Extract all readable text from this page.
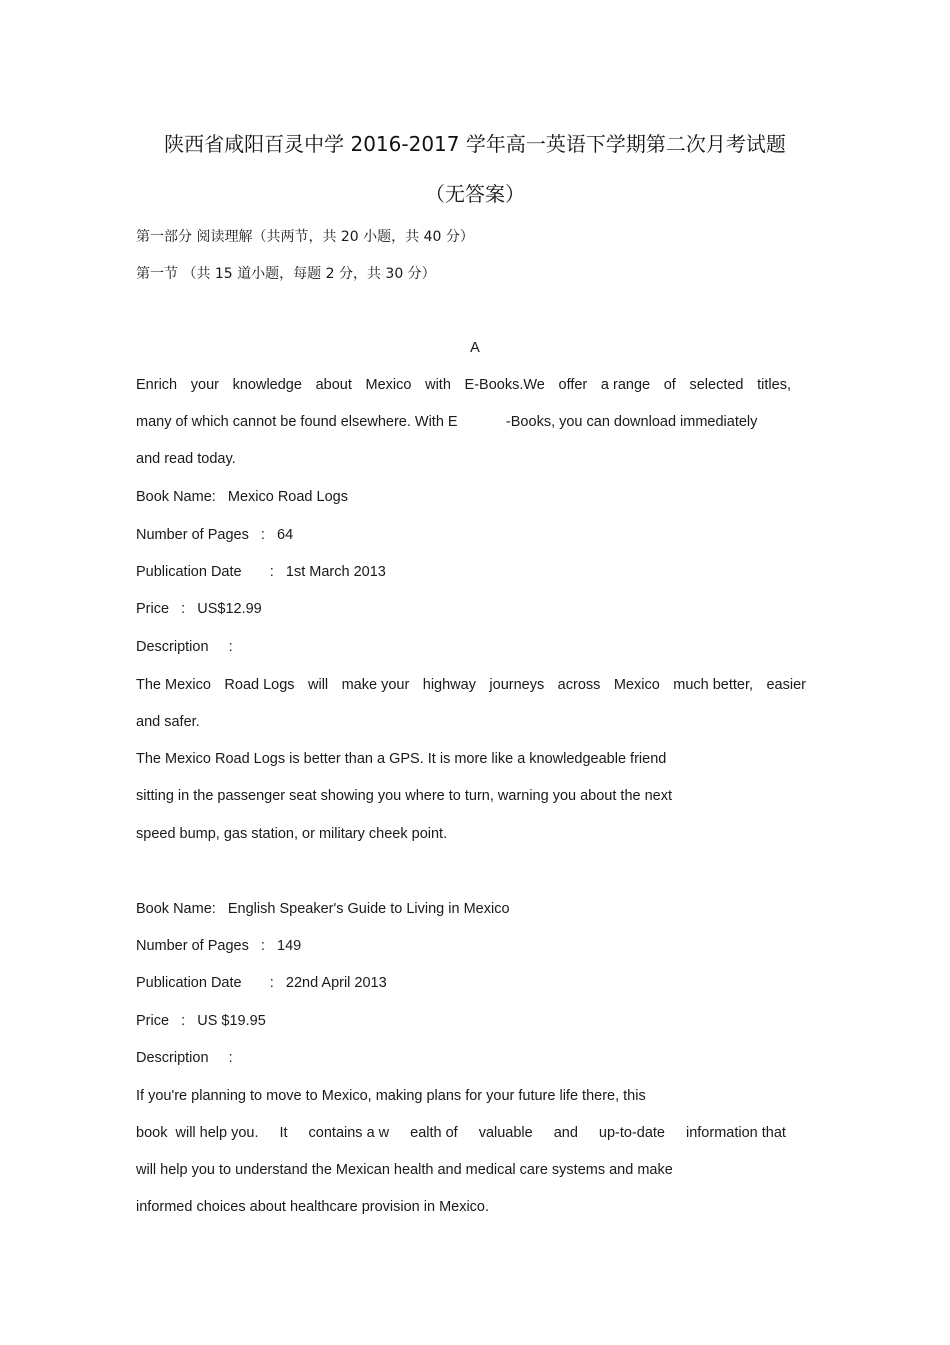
陕西省咸阳百灵中学 2016-2017 学年高一英语下学期第二次月考试题
（无答案）
第一部分 阅读理解（共两节，共 20 小题，共 40 分）
第一节 （共 15 道小题，每题 2 分，共 30 分）
A
Enrich your knowledge about Mexico with E-Books.We offer a range of selected titles,
many of which cannot be found elsewhere. With E            -Books, you can download immediately
and read today.
Book Name:   Mexico Road Logs
Number of Pages   :   64
Publication Date       :   1st March 2013
Price   :   US$12.99
Description     :
The Mexico Road Logs will make your highway journeys across Mexico much better, easier
and safer.
The Mexico Road Logs is better than a GPS. It is more like a knowledgeable friend
sitting in the passenger seat showing you where to turn, warning you about the next
speed bump, gas station, or military cheek point.
Book Name:   English Speaker's Guide to Living in Mexico
Number of Pages   :   149
Publication Date       :   22nd April 2013
Price   :   US $19.95
Description     :
If you're planning to move to Mexico, making plans for your future life there, this
book  will help you. It contains a w ealth of valuable and up-to-date information that
will help you to understand the Mexican health and medical care systems and make
informed choices about healthcare provision in Mexico.
